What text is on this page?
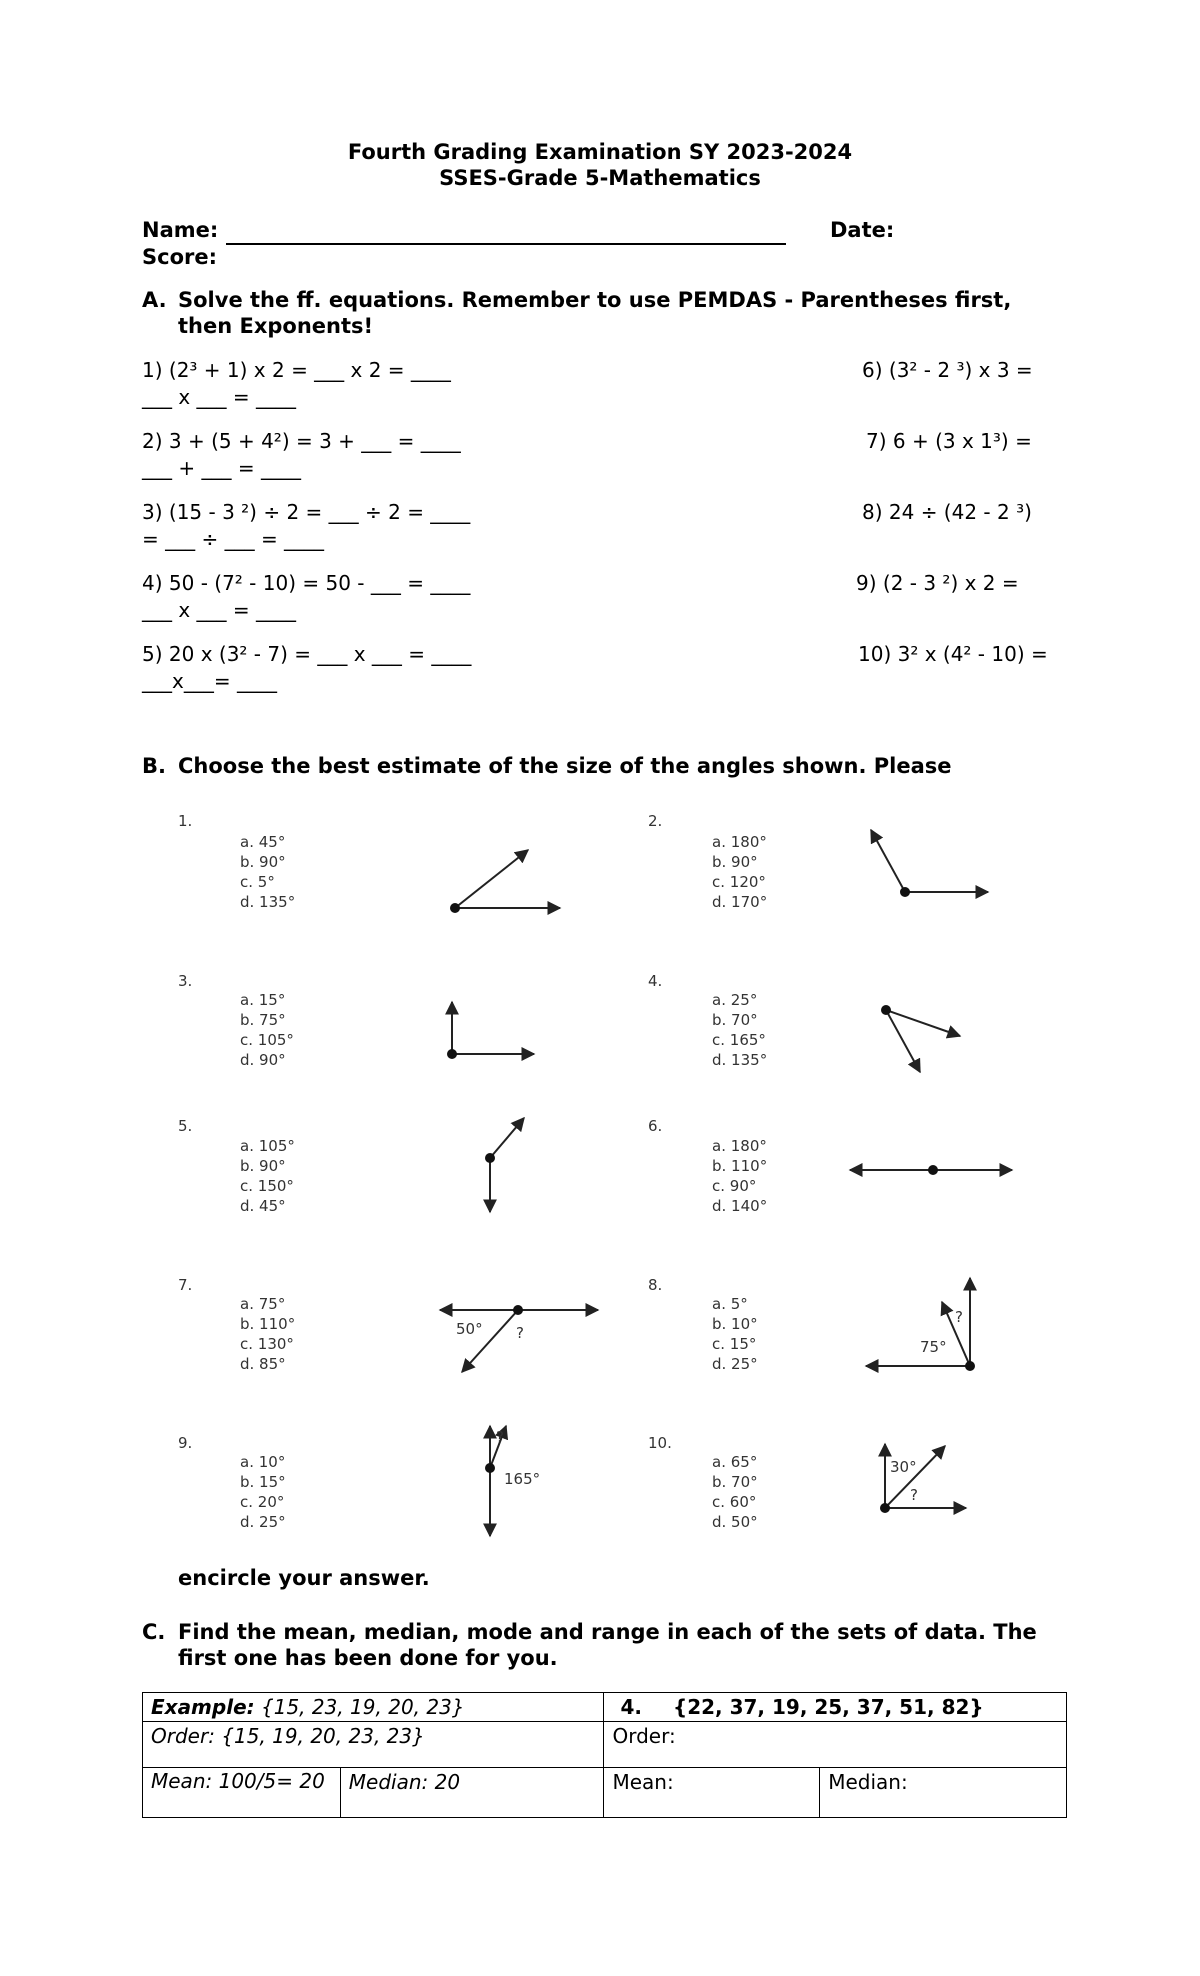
Fourth Grading Examination SY 2023-2024
SSES-Grade 5-Mathematics
Name:	Date:
Score:
A. Solve the ff. equations. Remember to use PEMDAS - Parentheses first,
then Exponents!
1) (2³ + 1) x 2 = ___ x 2 = ____
___ x ___ = ____
2) 3 + (5 + 4²) = 3 + ___ = ____
___ + ___ = ____
3) (15 - 3 ²) ÷ 2 = ___ ÷ 2 = ____
= ___ ÷ ___ = ____
4) 50 - (7² - 10) = 50 - ___ = ____
___ x ___ = ____
5) 20 x (3² - 7) = ___ x ___ = ____
___x___= ____
6) (3² - 2 ³) x 3 =
7) 6 + (3 x 1³) =
8) 24 ÷ (42 - 2 ³)
9) (2 - 3 ²) x 2 =
10) 3² x (4² - 10) =
B. Choose the best estimate of the size of the angles shown. Please
1.
a. 45°
b. 90°
c. 5°
d. 135°
2.
a. 180°
b. 90°
c. 120°
d. 170°
3.
a. 15°
b. 75°
c. 105°
d. 90°
4.
a. 25°
b. 70°
c. 165°
d. 135°
5.
a. 105°
b. 90°
c. 150°
d. 45°
6.
a. 180°
b. 110°
c. 90°
d. 140°
7.
a. 75°
b. 110°
c. 130°
d. 85°
8.
a. 5°
b. 10°
c. 15°
d. 25°
9.
a. 10°
b. 15°
c. 20°
d. 25°
10.
a. 65°
b. 70°
c. 60°
d. 50°
50° ?
?
75°
?
165°
30°
?
encircle your answer.
C. Find the mean, median, mode and range in each of the sets of data. The
first one has been done for you.
Example: {15, 23, 19, 20, 23}		4. {22, 37, 19, 25, 37, 51, 82}	
Order: {15, 19, 20, 23, 23}		Order:	
Mean: 100/5= 20	Median: 20	Mean:	Median:
